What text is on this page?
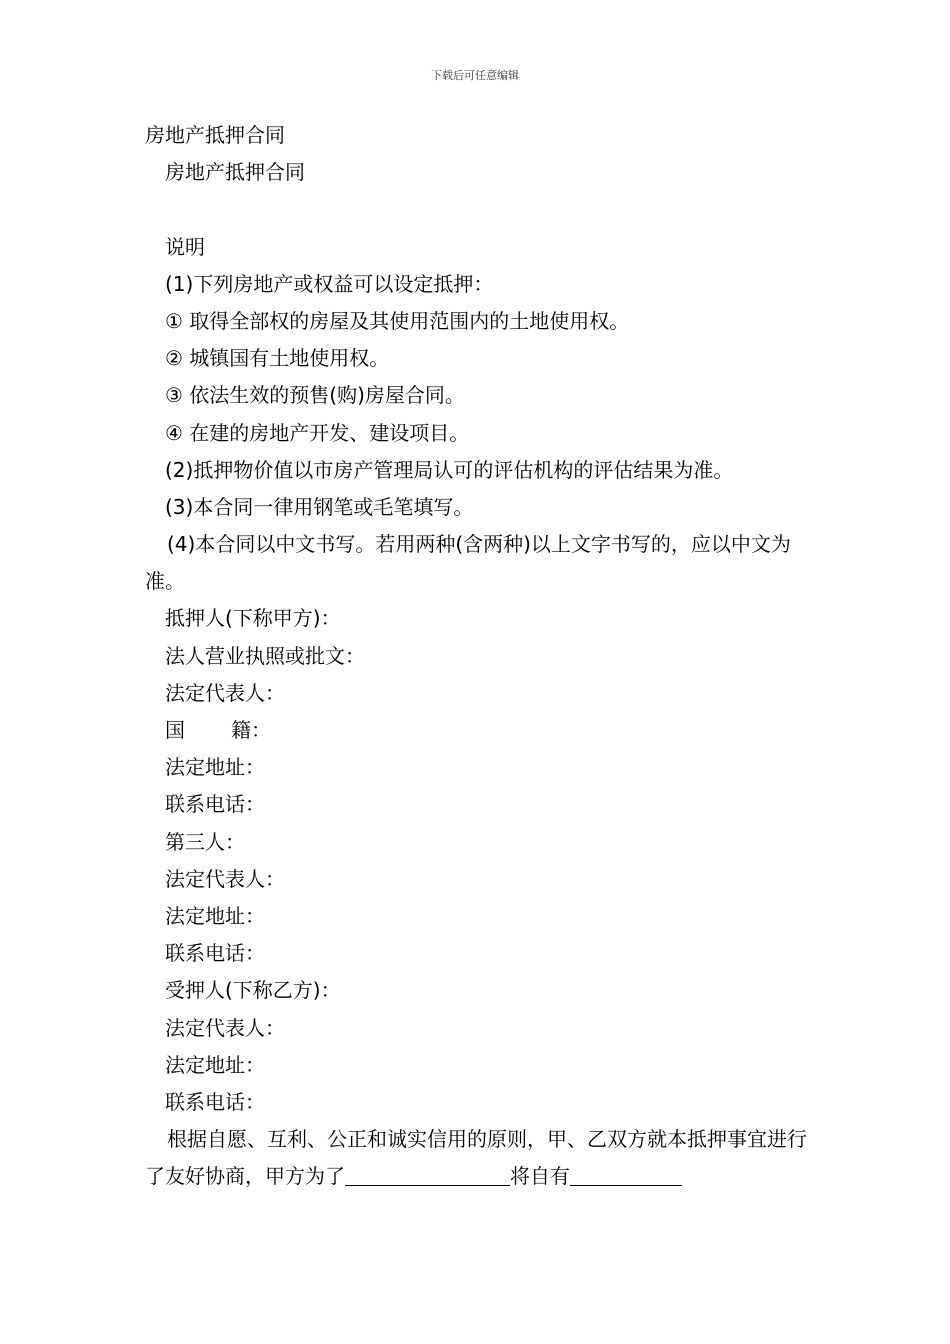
下载后可任意编辑
房地产抵押合同
房地产抵押合同
说明
(1)下列房地产或权益可以设定抵押：
① 取得全部权的房屋及其使用范围内的土地使用权。
② 城镇国有土地使用权。
③ 依法生效的预售(购)房屋合同。
④ 在建的房地产开发、建设项目。
(2)抵押物价值以市房产管理局认可的评估机构的评估结果为准。
(3)本合同一律用钢笔或毛笔填写。
(4)本合同以中文书写。若用两种(含两种)以上文字书写的，应以中文为准。
抵押人(下称甲方)：
法人营业执照或批文：
法定代表人：
国 籍：
法定地址：
联系电话：
第三人：
法定代表人：
法定地址：
联系电话：
受押人(下称乙方)：
法定代表人：
法定地址：
联系电话：
根据自愿、互利、公正和诚实信用的原则，甲、乙双方就本抵押事宜进行了友好协商，甲方为了	将自有
